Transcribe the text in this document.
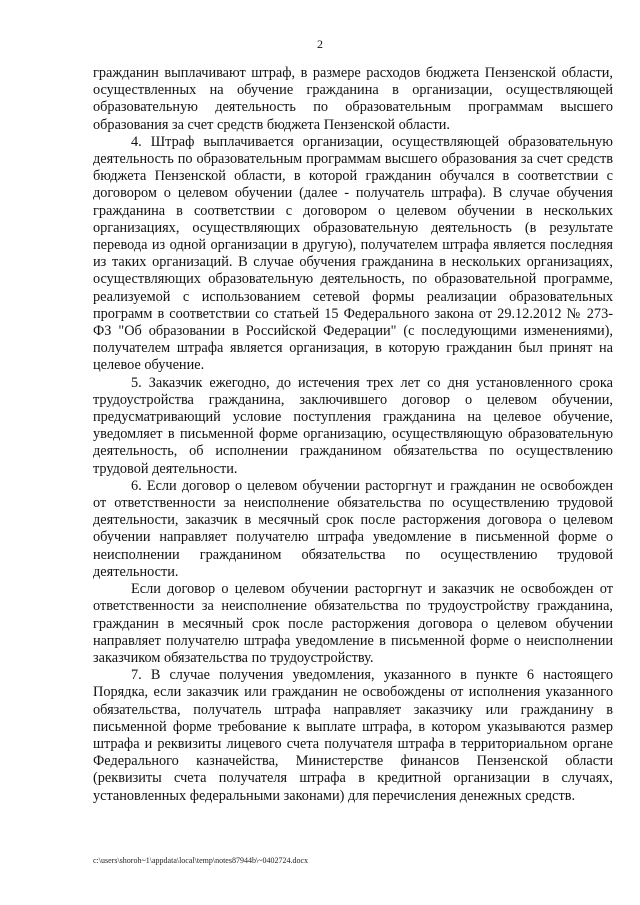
2

гражданин выплачивают штраф, в размере расходов бюджета Пензенской области, осуществленных на обучение гражданина в организации, осуществляющей образовательную деятельность по образовательным программам высшего образования за счет средств бюджета Пензенской области.

4. Штраф выплачивается организации, осуществляющей образовательную деятельность по образовательным программам высшего образования за счет средств бюджета Пензенской области, в которой гражданин обучался в соответствии с договором о целевом обучении (далее - получатель штрафа). В случае обучения гражданина в соответствии с договором о целевом обучении в нескольких организациях, осуществляющих образовательную деятельность (в результате перевода из одной организации в другую), получателем штрафа является последняя из таких организаций. В случае обучения гражданина в нескольких организациях, осуществляющих образовательную деятельность, по образовательной программе, реализуемой с использованием сетевой формы реализации образовательных программ в соответствии со статьей 15 Федерального закона от 29.12.2012 № 273-ФЗ "Об образовании в Российской Федерации" (с последующими изменениями), получателем штрафа является организация, в которую гражданин был принят на целевое обучение.

5. Заказчик ежегодно, до истечения трех лет со дня установленного срока трудоустройства гражданина, заключившего договор о целевом обучении, предусматривающий условие поступления гражданина на целевое обучение, уведомляет в письменной форме организацию, осуществляющую образовательную деятельность, об исполнении гражданином обязательства по осуществлению трудовой деятельности.

6. Если договор о целевом обучении расторгнут и гражданин не освобожден от ответственности за неисполнение обязательства по осуществлению трудовой деятельности, заказчик в месячный срок после расторжения договора о целевом обучении направляет получателю штрафа уведомление в письменной форме о неисполнении гражданином обязательства по осуществлению трудовой деятельности.

Если договор о целевом обучении расторгнут и заказчик не освобожден от ответственности за неисполнение обязательства по трудоустройству гражданина, гражданин в месячный срок после расторжения договора о целевом обучении направляет получателю штрафа уведомление в письменной форме о неисполнении заказчиком обязательства по трудоустройству.

7. В случае получения уведомления, указанного в пункте 6 настоящего Порядка, если заказчик или гражданин не освобождены от исполнения указанного обязательства, получатель штрафа направляет заказчику или гражданину в письменной форме требование к выплате штрафа, в котором указываются размер штрафа и реквизиты лицевого счета получателя штрафа в территориальном органе Федерального казначейства, Министерстве финансов Пензенской области (реквизиты счета получателя штрафа в кредитной организации в случаях, установленных федеральными законами) для перечисления денежных средств.

c:\users\shoroh~1\appdata\local\temp\notes87944b\~0402724.docx
